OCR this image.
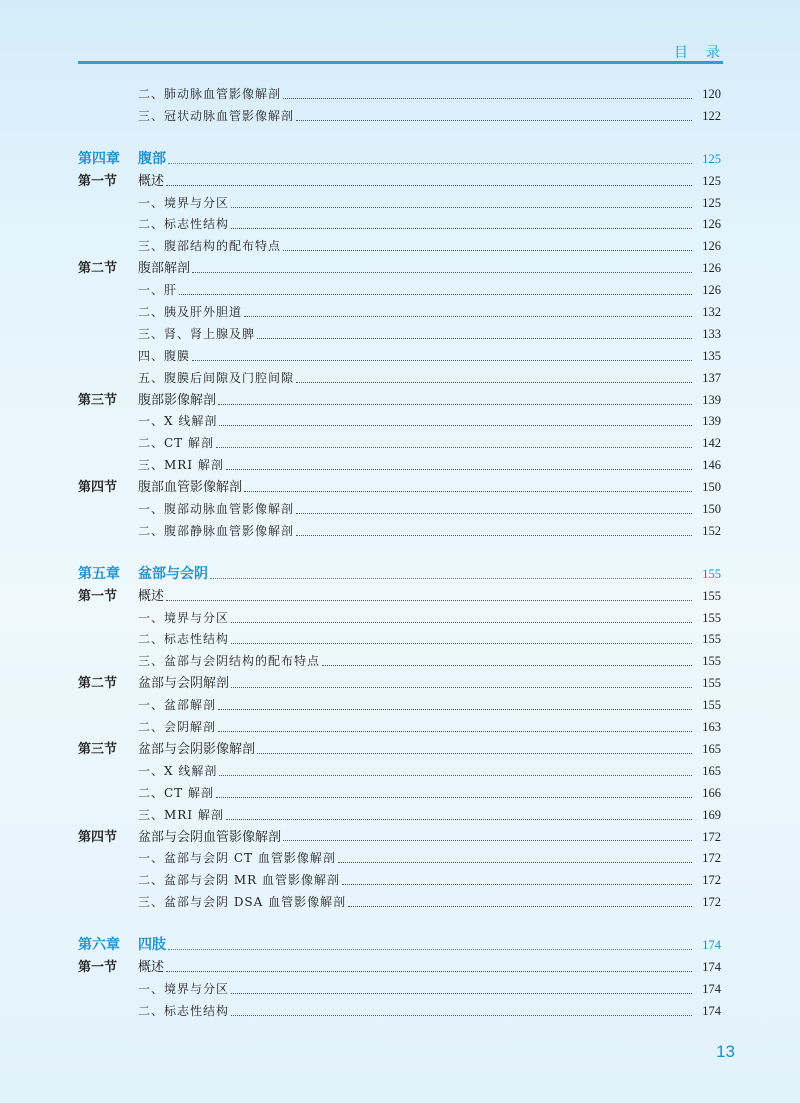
目录
二、肺动脉血管影像解剖	120
三、冠状动脉血管影像解剖	122
第四章	腹部	125
第一节	概述	125
一、境界与分区	125
二、标志性结构	126
三、腹部结构的配布特点	126
第二节	腹部解剖	126
一、肝	126
二、胰及肝外胆道	132
三、肾、肾上腺及脾	133
四、腹膜	135
五、腹膜后间隙及门腔间隙	137
第三节	腹部影像解剖	139
一、X 线解剖	139
二、CT 解剖	142
三、MRI 解剖	146
第四节	腹部血管影像解剖	150
一、腹部动脉血管影像解剖	150
二、腹部静脉血管影像解剖	152
第五章	盆部与会阴	155
第一节	概述	155
一、境界与分区	155
二、标志性结构	155
三、盆部与会阴结构的配布特点	155
第二节	盆部与会阴解剖	155
一、盆部解剖	155
二、会阴解剖	163
第三节	盆部与会阴影像解剖	165
一、X 线解剖	165
二、CT 解剖	166
三、MRI 解剖	169
第四节	盆部与会阴血管影像解剖	172
一、盆部与会阴 CT 血管影像解剖	172
二、盆部与会阴 MR 血管影像解剖	172
三、盆部与会阴 DSA 血管影像解剖	172
第六章	四肢	174
第一节	概述	174
一、境界与分区	174
二、标志性结构	174
13
